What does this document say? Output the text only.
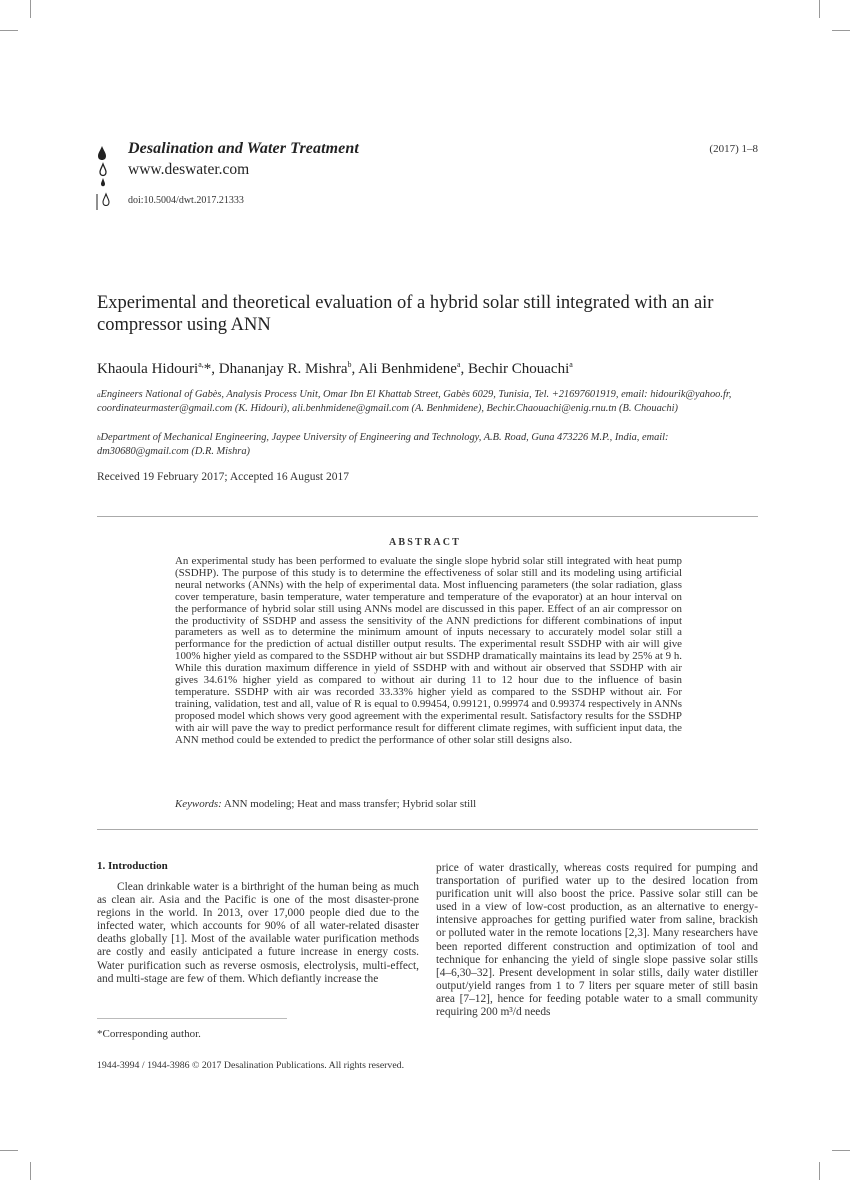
Desalination and Water Treatment
www.deswater.com
doi:10.5004/dwt.2017.21333
(2017) 1–8
Experimental and theoretical evaluation of a hybrid solar still integrated with an air compressor using ANN
Khaoula Hidouri$^{a,}$*, Dhananjay R. Mishra$^b$, Ali Benhmidene$^a$, Bechir Chouachi$^a$
$^a$Engineers National of Gabès, Analysis Process Unit, Omar Ibn El Khattab Street, Gabès 6029, Tunisia, Tel. +21697601919, email: hidourik@yahoo.fr, coordinateurmaster@gmail.com (K. Hidouri), ali.benhmidene@gmail.com (A. Benhmidene), Bechir.Chaouachi@enig.rnu.tn (B. Chouachi)
$^b$Department of Mechanical Engineering, Jaypee University of Engineering and Technology, A.B. Road, Guna 473226 M.P., India, email: dm30680@gmail.com (D.R. Mishra)
Received 19 February 2017; Accepted 16 August 2017
ABSTRACT
An experimental study has been performed to evaluate the single slope hybrid solar still integrated with heat pump (SSDHP). The purpose of this study is to determine the effectiveness of solar still and its modeling using artificial neural networks (ANNs) with the help of experimental data. Most influencing parameters (the solar radiation, glass cover temperature, basin temperature, water temperature and temperature of the evaporator) at an hour interval on the performance of hybrid solar still using ANNs model are discussed in this paper. Effect of an air compressor on the productivity of SSDHP and assess the sensitivity of the ANN predictions for different combinations of input parameters as well as to determine the minimum amount of inputs necessary to accurately model solar still a performance for the prediction of actual distiller output results. The experimental result SSDHP with air will give 100% higher yield as compared to the SSDHP without air but SSDHP dramatically maintains its lead by 25% at 9 h. While this duration maximum difference in yield of SSDHP with and without air observed that SSDHP with air gives 34.61% higher yield as compared to without air during 11 to 12 hour due to the influence of basin temperature. SSDHP with air was recorded 33.33% higher yield as compared to the SSDHP without air. For training, validation, test and all, value of R is equal to 0.99454, 0.99121, 0.99974 and 0.99374 respectively in ANNs proposed model which shows very good agreement with the experimental result. Satisfactory results for the SSDHP with air will pave the way to predict performance result for different climate regimes, with sufficient input data, the ANN method could be extended to predict the performance of other solar still designs also.
Keywords: ANN modeling; Heat and mass transfer; Hybrid solar still
1. Introduction

Clean drinkable water is a birthright of the human being as much as clean air. Asia and the Pacific is one of the most disaster-prone regions in the world. In 2013, over 17,000 people died due to the infected water, which accounts for 90% of all water-related disaster deaths globally [1]. Most of the available water purification methods are costly and easily anticipated a future increase in energy costs. Water purification such as reverse osmosis, electrolysis, multi-effect, and multi-stage are few of them. Which defiantly increase the

price of water drastically, whereas costs required for pumping and transportation of purified water up to the desired location from purification unit will also boost the price. Passive solar still can be used in a view of low-cost production, as an alternative to energy-intensive approaches for getting purified water from saline, brackish or polluted water in the remote locations [2,3]. Many researchers have been reported different construction and optimization of tool and technique for enhancing the yield of single slope passive solar stills [4–6,30–32]. Present development in solar stills, daily water distiller output/yield ranges from 1 to 7 liters per square meter of still basin area [7–12], hence for feeding potable water to a small community requiring 200 m³/d needs

*Corresponding author.
1944-3994 / 1944-3986 © 2017 Desalination Publications. All rights reserved.
